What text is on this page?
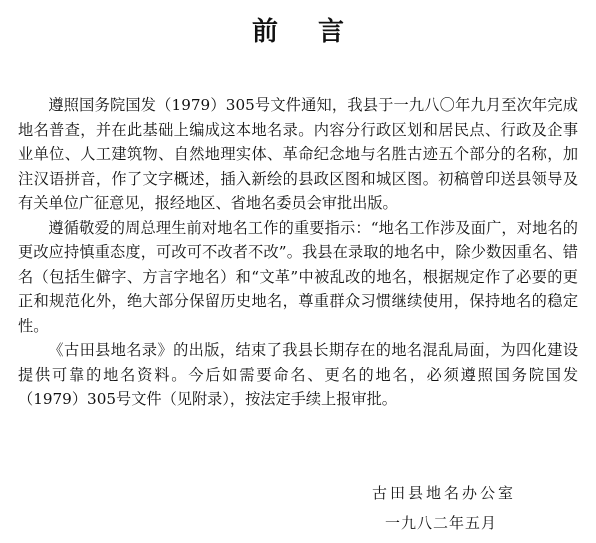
前言

遵照国务院国发（1979）305号文件通知，我县于一九八〇年九月至次年完成地名普查，并在此基础上编成这本地名录。内容分行政区划和居民点、行政及企事业单位、人工建筑物、自然地理实体、革命纪念地与名胜古迹五个部分的名称，加注汉语拼音，作了文字概述，插入新绘的县政区图和城区图。初稿曾印送县领导及有关单位广征意见，报经地区、省地名委员会审批出版。

遵循敬爱的周总理生前对地名工作的重要指示：“地名工作涉及面广，对地名的更改应持慎重态度，可改可不改者不改”。我县在录取的地名中，除少数因重名、错名（包括生僻字、方言字地名）和“文革”中被乱改的地名，根据规定作了必要的更正和规范化外，绝大部分保留历史地名，尊重群众习惯继续使用，保持地名的稳定性。

《古田县地名录》的出版，结束了我县长期存在的地名混乱局面，为四化建设提供可靠的地名资料。今后如需要命名、更名的地名，必须遵照国务院国发（1979）305号文件（见附录），按法定手续上报审批。

古田县地名办公室
一九八二年五月
